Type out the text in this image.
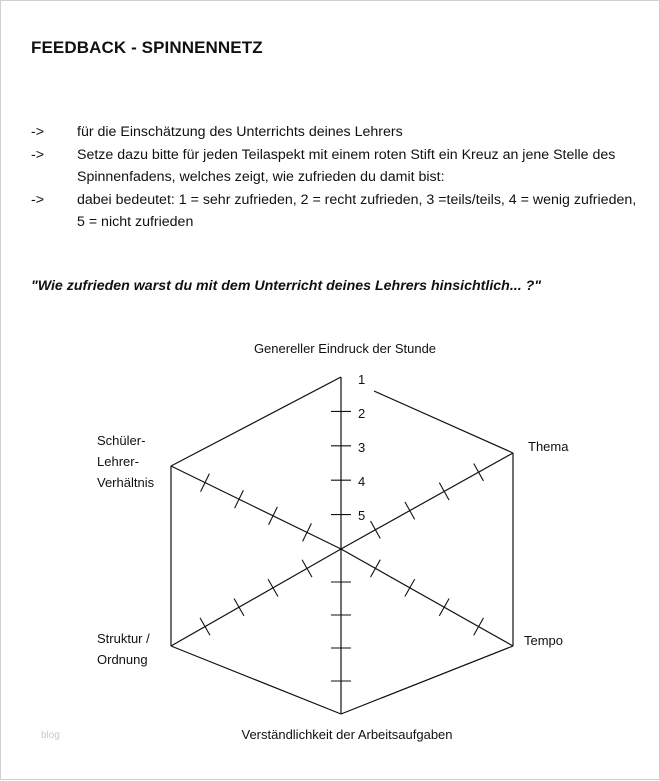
FEEDBACK - SPINNENNETZ
->	für die Einschätzung des Unterrichts deines Lehrers
->	Setze dazu bitte für jeden Teilaspekt mit einem roten Stift ein Kreuz an jene Stelle des Spinnenfadens, welches zeigt, wie zufrieden du damit bist:
->	dabei bedeutet: 1 = sehr zufrieden, 2 = recht zufrieden, 3 =teils/teils, 4 = wenig zufrieden, 5 = nicht zufrieden
"Wie zufrieden warst du mit dem Unterricht deines Lehrers hinsichtlich... ?"
Genereller Eindruck der Stunde
Thema
Tempo
Verständlichkeit der Arbeitsaufgaben
Struktur /
Ordnung
Schüler-
Lehrer-
Verhältnis
1
2
3
4
5
blog
